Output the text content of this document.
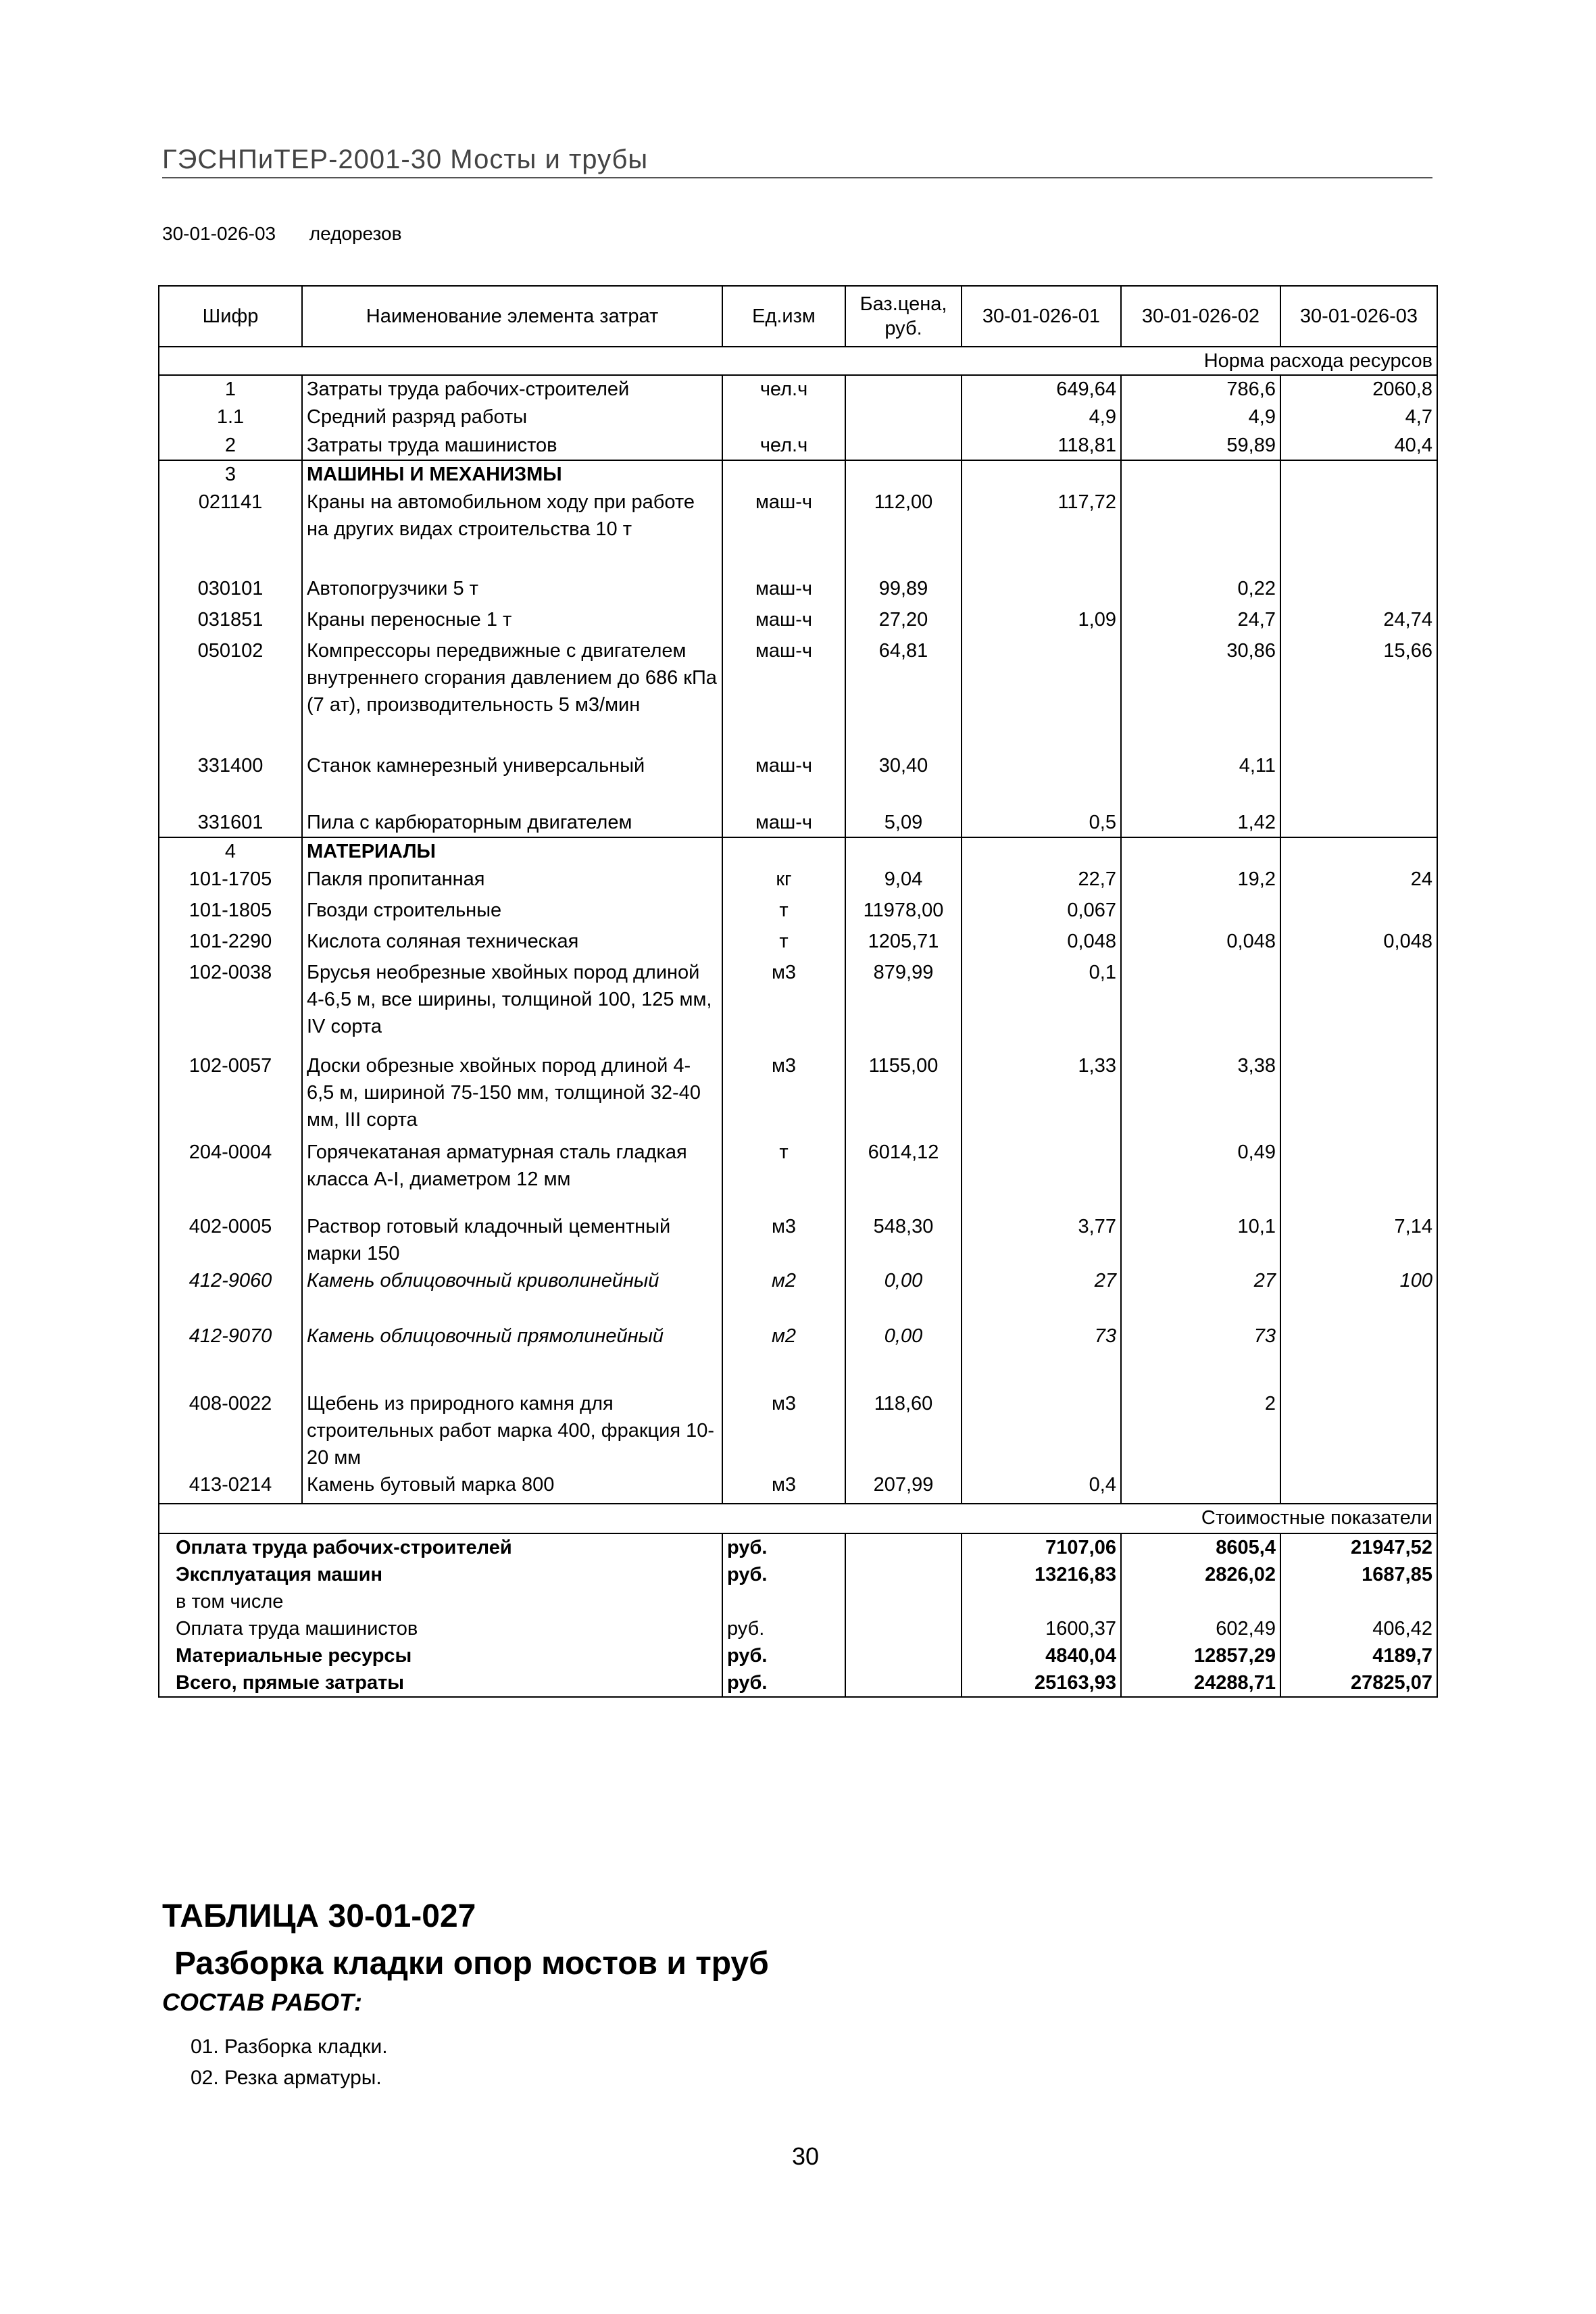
ГЭСНПиТЕР-2001-30 Мосты и трубы
30-01-026-03 ледорезов
Шифр	Наименование элемента затрат	Ед.изм	Баз.цена, руб.	30-01-026-01	30-01-026-02	30-01-026-03
Норма расхода ресурсов						
1	Затраты труда рабочих-строителей	чел.ч		649,64	786,6	2060,8
1.1	Средний разряд работы			4,9	4,9	4,7
2	Затраты труда машинистов	чел.ч		118,81	59,89	40,4
3	МАШИНЫ И МЕХАНИЗМЫ					
021141	Краны на автомобильном ходу при работе на других видах строительства 10 т	маш-ч	112,00	117,72		
030101	Автопогрузчики 5 т	маш-ч	99,89		0,22	
031851	Краны переносные 1 т	маш-ч	27,20	1,09	24,7	24,74
050102	Компрессоры передвижные с двигателем внутреннего сгорания давлением до 686 кПа (7 ат), производительность 5 м3/мин	маш-ч	64,81		30,86	15,66
331400	Станок камнерезный универсальный	маш-ч	30,40		4,11	
331601	Пила с карбюраторным двигателем	маш-ч	5,09	0,5	1,42	
4	МАТЕРИАЛЫ					
101-1705	Пакля пропитанная	кг	9,04	22,7	19,2	24
101-1805	Гвозди строительные	т	11978,00	0,067		
101-2290	Кислота соляная техническая	т	1205,71	0,048	0,048	0,048
102-0038	Брусья необрезные хвойных пород длиной 4-6,5 м, все ширины, толщиной 100, 125 мм, IV сорта	м3	879,99	0,1		
102-0057	Доски обрезные хвойных пород длиной 4-6,5 м, шириной 75-150 мм, толщиной 32-40 мм, III сорта	м3	1155,00	1,33	3,38	
204-0004	Горячекатаная арматурная сталь гладкая класса А-I, диаметром 12 мм	т	6014,12		0,49	
402-0005	Раствор готовый кладочный цементный марки 150	м3	548,30	3,77	10,1	7,14
412-9060	Камень облицовочный криволинейный	м2	0,00	27	27	100
412-9070	Камень облицовочный прямолинейный	м2	0,00	73	73	
408-0022	Щебень из природного камня для строительных работ марка 400, фракция 10-20 мм	м3	118,60		2	
413-0214	Камень бутовый марка 800	м3	207,99	0,4		
Стоимостные показатели						
Оплата труда рабочих-строителей		руб.		7107,06	8605,4	21947,52
Эксплуатация машин		руб.		13216,83	2826,02	1687,85
в том числе						
Оплата труда машинистов		руб.		1600,37	602,49	406,42
Материальные ресурсы		руб.		4840,04	12857,29	4189,7
Всего, прямые затраты		руб.		25163,93	24288,71	27825,07
ТАБЛИЦА 30-01-027
Разборка кладки опор мостов и труб
СОСТАВ РАБОТ:
01. Разборка кладки.
02. Резка арматуры.
30
